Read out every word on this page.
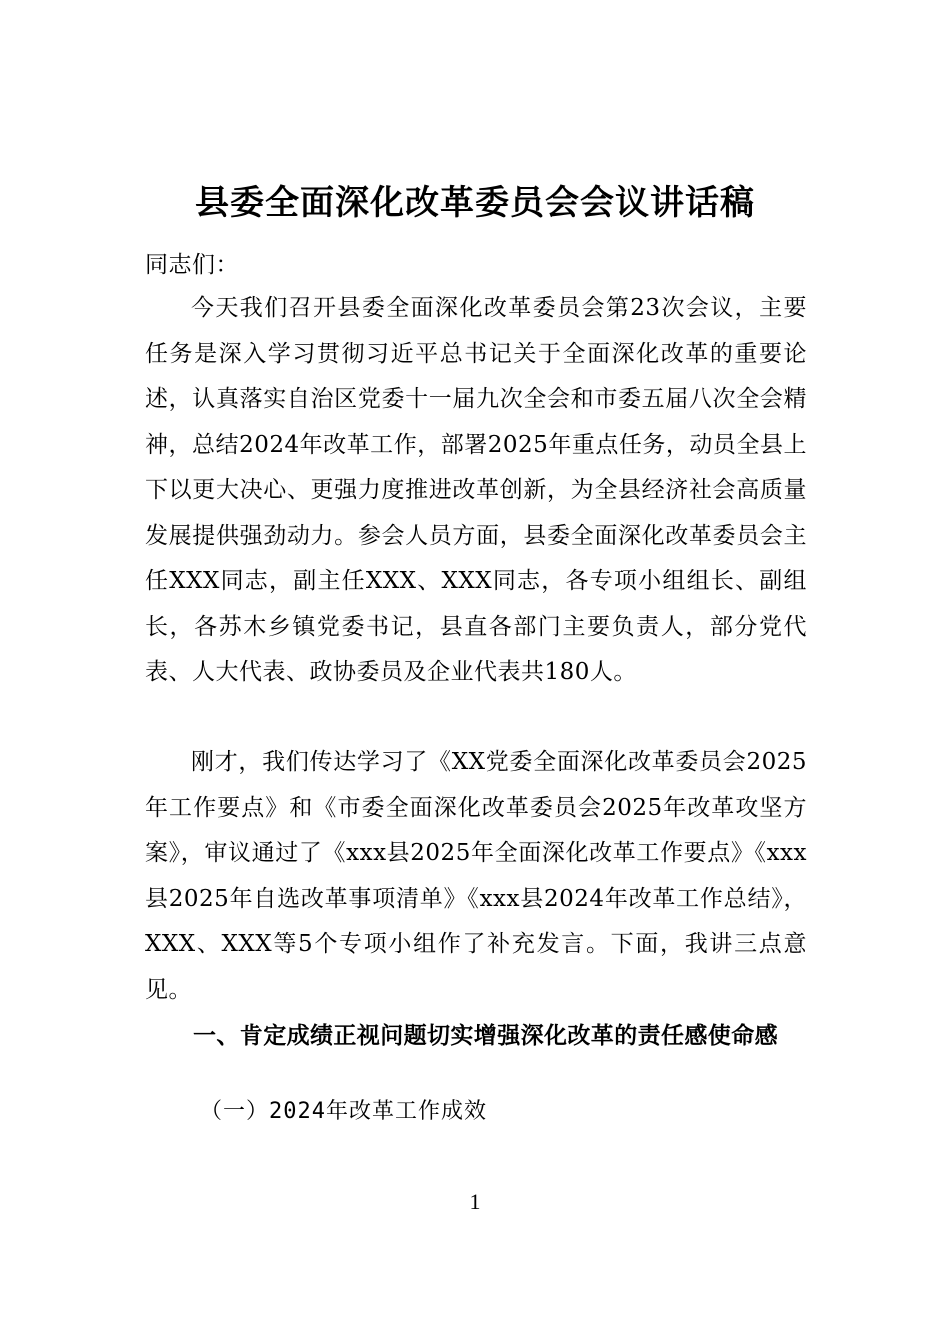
县委全面深化改革委员会会议讲话稿
同志们：
今天我们召开县委全面深化改革委员会第23次会议，主要任务是深入学习贯彻习近平总书记关于全面深化改革的重要论述，认真落实自治区党委十一届九次全会和市委五届八次全会精神，总结2024年改革工作，部署2025年重点任务，动员全县上下以更大决心、更强力度推进改革创新，为全县经济社会高质量发展提供强劲动力。参会人员方面，县委全面深化改革委员会主任XXX同志，副主任XXX、XXX同志，各专项小组组长、副组长，各苏木乡镇党委书记，县直各部门主要负责人，部分党代表、人大代表、政协委员及企业代表共180人。
刚才，我们传达学习了《XX党委全面深化改革委员会2025年工作要点》和《市委全面深化改革委员会2025年改革攻坚方案》，审议通过了《xxx县2025年全面深化改革工作要点》《xxx县2025年自选改革事项清单》《xxx县2024年改革工作总结》，XXX、XXX等5个专项小组作了补充发言。下面，我讲三点意见。
一、肯定成绩正视问题切实增强深化改革的责任感使命感
（一）2024年改革工作成效
1
